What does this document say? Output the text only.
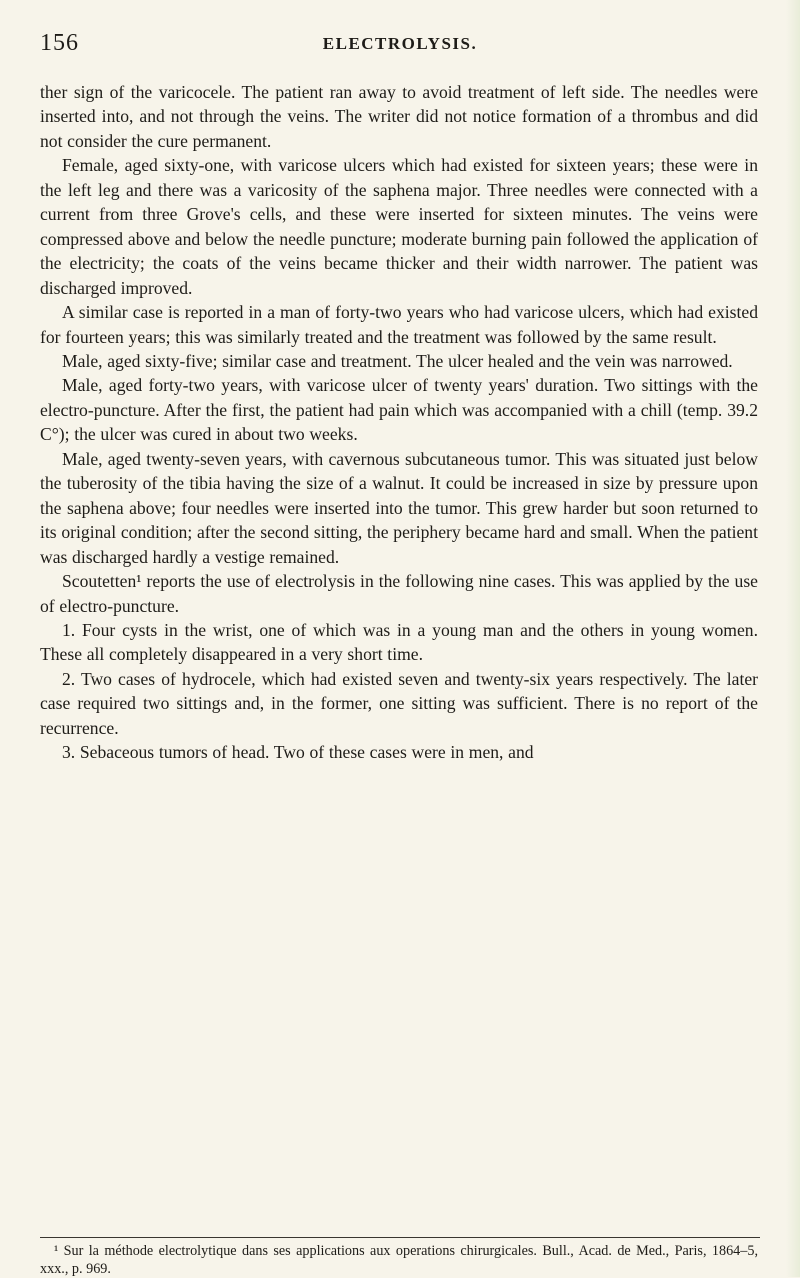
156	ELECTROLYSIS.

ther sign of the varicocele. The patient ran away to avoid treatment of left side. The needles were inserted into, and not through the veins. The writer did not notice formation of a thrombus and did not consider the cure permanent.

Female, aged sixty-one, with varicose ulcers which had existed for sixteen years; these were in the left leg and there was a varicosity of the saphena major. Three needles were connected with a current from three Grove's cells, and these were inserted for sixteen minutes. The veins were compressed above and below the needle puncture; moderate burning pain followed the application of the electricity; the coats of the veins became thicker and their width narrower. The patient was discharged improved.

A similar case is reported in a man of forty-two years who had varicose ulcers, which had existed for fourteen years; this was similarly treated and the treatment was followed by the same result.

Male, aged sixty-five; similar case and treatment. The ulcer healed and the vein was narrowed.

Male, aged forty-two years, with varicose ulcer of twenty years' duration. Two sittings with the electro-puncture. After the first, the patient had pain which was accompanied with a chill (temp. 39.2 C°); the ulcer was cured in about two weeks.

Male, aged twenty-seven years, with cavernous subcutaneous tumor. This was situated just below the tuberosity of the tibia having the size of a walnut. It could be increased in size by pressure upon the saphena above; four needles were inserted into the tumor. This grew harder but soon returned to its original condition; after the second sitting, the periphery became hard and small. When the patient was discharged hardly a vestige remained.

Scoutetten¹ reports the use of electrolysis in the following nine cases. This was applied by the use of electro-puncture.

1. Four cysts in the wrist, one of which was in a young man and the others in young women. These all completely disappeared in a very short time.

2. Two cases of hydrocele, which had existed seven and twenty-six years respectively. The later case required two sittings and, in the former, one sitting was sufficient. There is no report of the recurrence.

3. Sebaceous tumors of head. Two of these cases were in men, and

¹ Sur la méthode electrolytique dans ses applications aux operations chirurgicales. Bull., Acad. de Med., Paris, 1864–5, xxx., p. 969.
